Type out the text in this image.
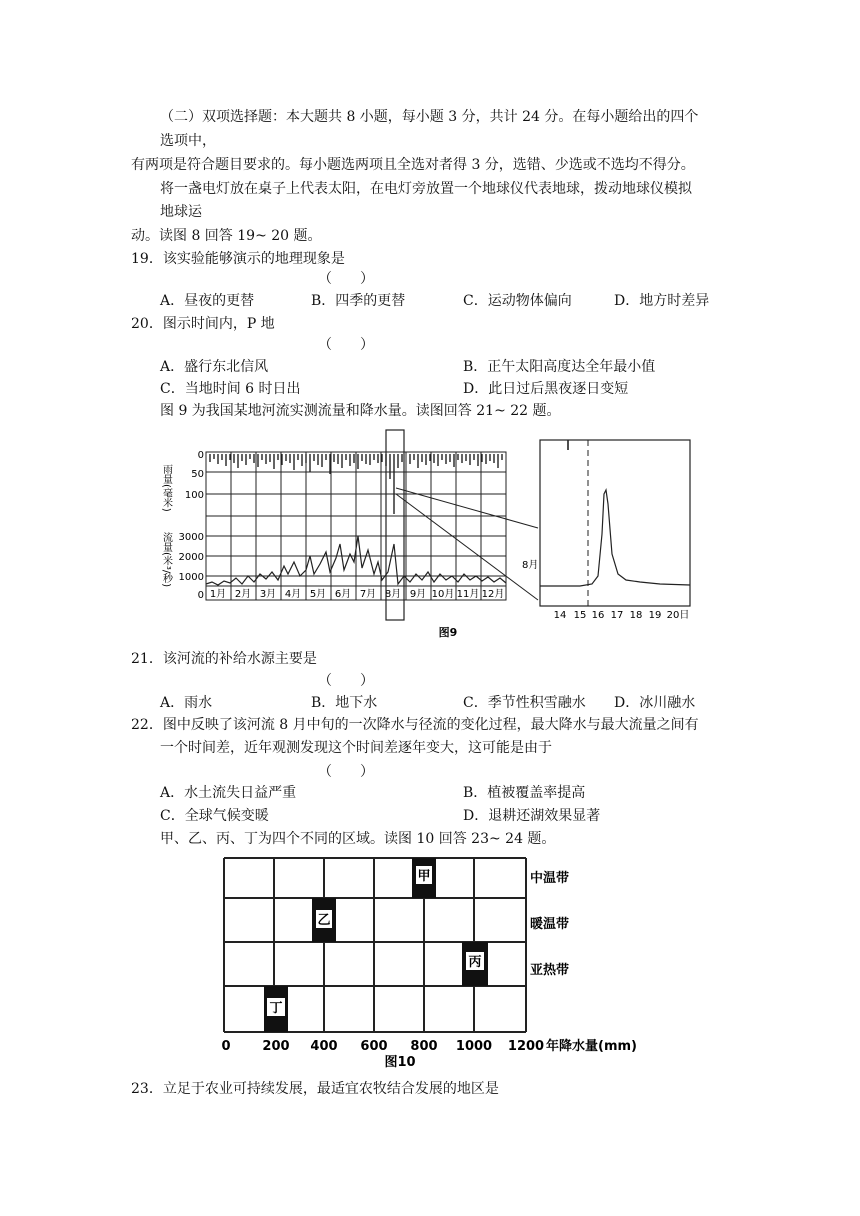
（二）双项选择题：本大题共 8 小题，每小题 3 分，共计 24 分。在每小题给出的四个
选项中，
有两项是符合题目要求的。每小题选两项且全选对者得 3 分，选错、少选或不选均不得分。
将一盏电灯放在桌子上代表太阳，在电灯旁放置一个地球仪代表地球，拨动地球仪模拟
地球运
动。读图 8 回答 19~ 20 题。
19．该实验能够演示的地理现象是
（　　）
A．昼夜的更替	B．四季的更替	C．运动物体偏向	D．地方时差异
20．图示时间内，P 地
（　　）
A．盛行东北信风	B．正午太阳高度达全年最小值
C．当地时间 6 时日出	D．此日过后黑夜逐日变短
图 9 为我国某地河流实测流量和降水量。读图回答 21~ 22 题。
0
50
100
3000
2000
1000
0
雨量(毫米)
流量(米³/秒)
1月 2月 3月 4月 5月 6月 7月 8月 9月 10月 11月 12月
8月
14 15 16 17 18 19 20日
图9
21．该河流的补给水源主要是
（　　）
A．雨水	B．地下水	C．季节性积雪融水 D．冰川融水
22．图中反映了该河流 8 月中旬的一次降水与径流的变化过程，最大降水与最大流量之间有
一个时间差，近年观测发现这个时间差逐年变大，这可能是由于
（　　）
A．水土流失日益严重	B．植被覆盖率提高
C．全球气候变暖	D．退耕还湖效果显著
甲、乙、丙、丁为四个不同的区域。读图 10 回答 23~ 24 题。
甲
乙
丙
丁
中温带
暖温带
亚热带
0 200 400 600 800 1000 1200 年降水量(mm)
图10
23．立足于农业可持续发展，最适宜农牧结合发展的地区是
